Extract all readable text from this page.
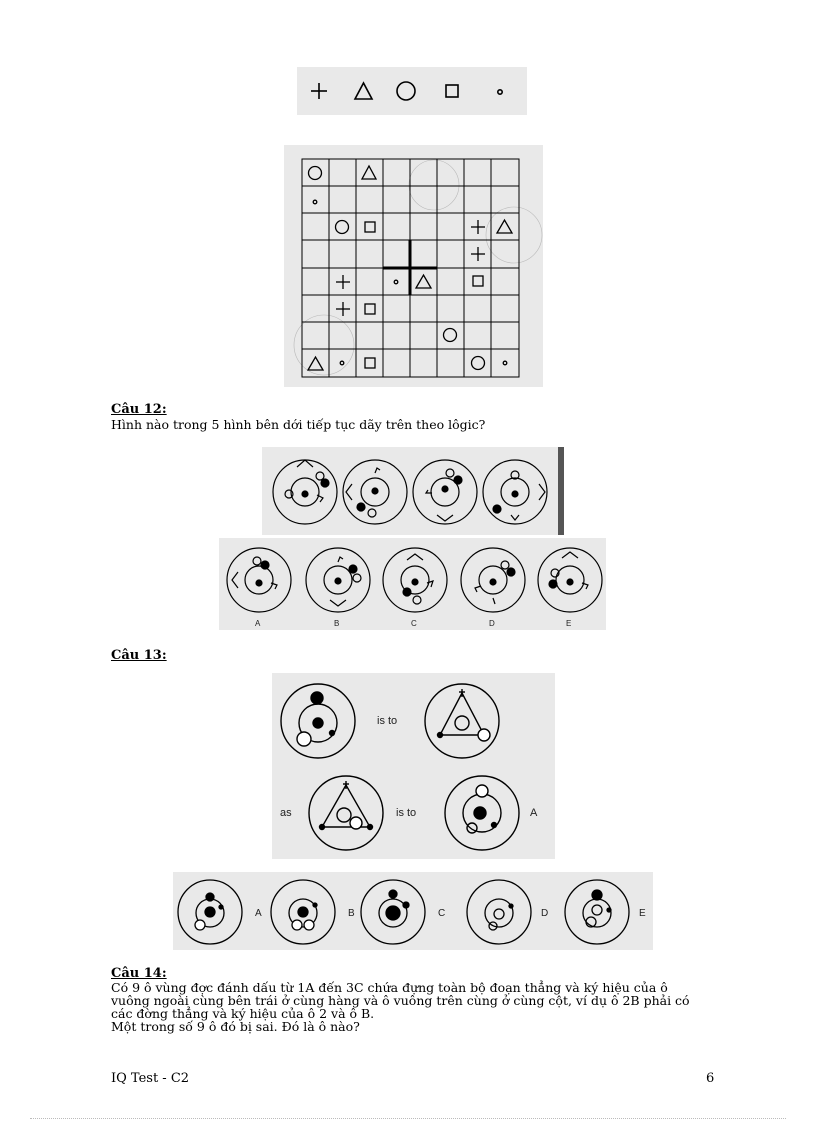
Câu 12:
Hình nào trong 5 hình bên dới tiếp tục dãy trên theo lôgic?
A	B	C	D	E
Câu 13:
is to
as	is to	A
A	B	C	D	E
Câu 14:
Có 9 ô vùng đợc đánh dấu từ 1A đến 3C chứa đựng toàn bộ đoạn thẳng và ký hiệu của ô
vuông ngoài cùng bên trái ở cùng hàng và ô vuông trên cùng ở cùng cột, ví dụ ô 2B phải có
các đờng thẳng và ký hiệu của ô 2 và ô B.
Một trong số 9 ô đó bị sai. Đó là ô nào?
IQ Test - C2	6
